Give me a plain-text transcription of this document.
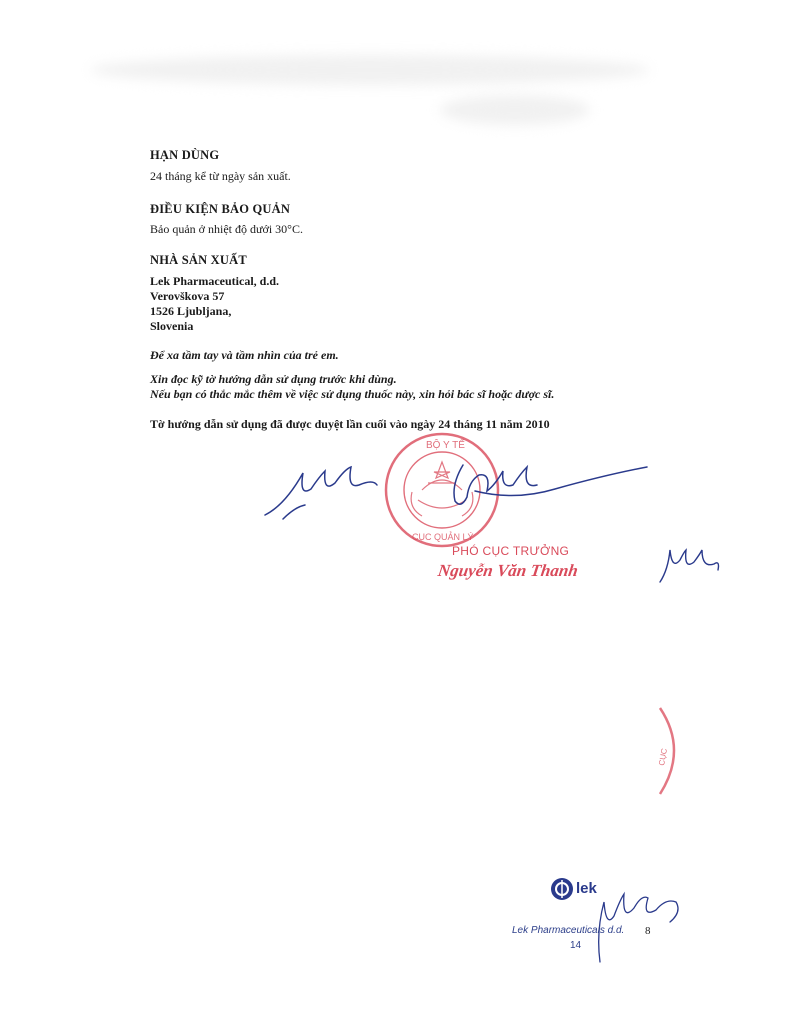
HẠN DÙNG
24 tháng kể từ ngày sản xuất.
ĐIỀU KIỆN BẢO QUẢN
Bảo quản ở nhiệt độ dưới 30°C.
NHÀ SẢN XUẤT
Lek Pharmaceutical, d.d.
Verovškova 57
1526 Ljubljana,
Slovenia
Để xa tầm tay và tầm nhìn của trẻ em.
Xin đọc kỹ tờ hướng dẫn sử dụng trước khi dùng.
Nếu bạn có thắc mắc thêm về việc sử dụng thuốc này, xin hỏi bác sĩ hoặc dược sĩ.
Tờ hướng dẫn sử dụng đã được duyệt lần cuối vào ngày 24 tháng 11 năm 2010
BỘ Y TẾ
CỤC QUẢN LÝ
PHÓ CỤC TRƯỞNG
Nguyễn Văn Thanh
CỤC
lek
Lek Pharmaceuticals d.d. 8
14
